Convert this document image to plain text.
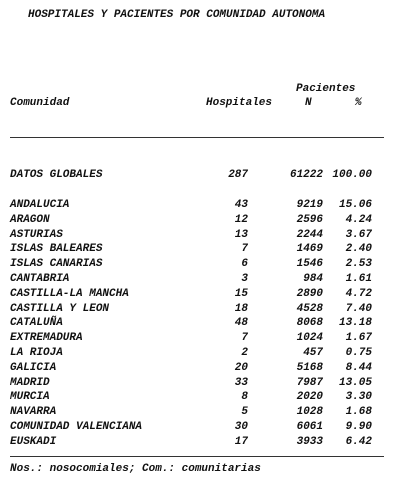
HOSPITALES Y PACIENTES POR COMUNIDAD AUTONOMA
Pacientes
Comunidad	Hospitales	N	%
DATOS GLOBALES	287	61222 100.00
ANDALUCIA	43	9219 15.06
ARAGON	12	2596 4.24
ASTURIAS	13	2244 3.67
ISLAS BALEARES	7	1469 2.40
ISLAS CANARIAS	6	1546 2.53
CANTABRIA	3	984 1.61
CASTILLA-LA MANCHA	15	2890 4.72
CASTILLA Y LEON	18	4528 7.40
CATALUÑA	48	8068 13.18
EXTREMADURA	7	1024 1.67
LA RIOJA	2	457 0.75
GALICIA	20	5168 8.44
MADRID	33	7987 13.05
MURCIA	8	2020 3.30
NAVARRA	5	1028 1.68
COMUNIDAD VALENCIANA	30	6061 9.90
EUSKADI	17	3933 6.42
Nos.: nosocomiales; Com.: comunitarias
